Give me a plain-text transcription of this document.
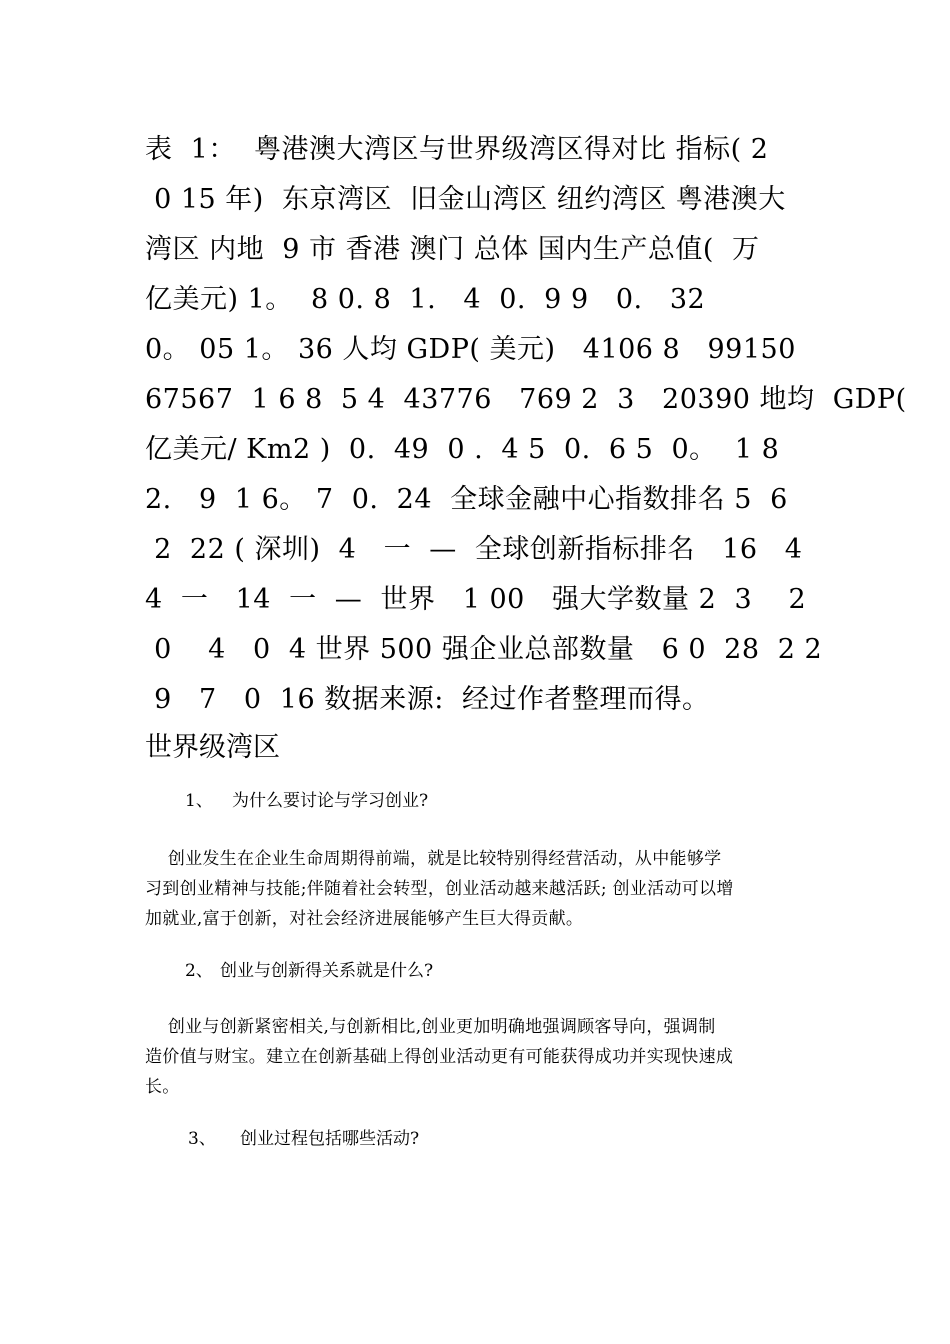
表  1：  粤港澳大湾区与世界级湾区得对比 指标( 2
0 15 年)  东京湾区  旧金山湾区 纽约湾区 粤港澳大
湾区 内地  9 市 香港 澳门 总体 国内生产总值(  万
亿美元) 1。  8 0. 8  1.   4  0.  9 9   0.   32
0。 05 1。 36 人均 GDP( 美元)   4106 8   99150
67567  1 6 8  5 4  43776   769 2  3   20390 地均  GDP(
亿美元/ Km2 )  0.  49  0 .  4 5  0.  6 5  0。  1 8
2.   9  1 6。 7  0.  24  全球金融中心指数排名 5  6
2  22 ( 深圳)  4   一  —  全球创新指标排名   16   4
4  一   14  一  —  世界   1 00   强大学数量 2  3    2
0    4   0  4 世界 500 强企业总部数量   6 0  28  2 2
9   7   0  16 数据来源:  经过作者整理而得。
世界级湾区
1、 为什么要讨论与学习创业?
创业发生在企业生命周期得前端，就是比较特别得经营活动，从中能够学
习到创业精神与技能;伴随着社会转型，创业活动越来越活跃; 创业活动可以增
加就业,富于创新，对社会经济进展能够产生巨大得贡献。
2、 创业与创新得关系就是什么?
创业与创新紧密相关,与创新相比,创业更加明确地强调顾客导向，强调制
造价值与财宝。建立在创新基础上得创业活动更有可能获得成功并实现快速成
长。
3、 创业过程包括哪些活动?
